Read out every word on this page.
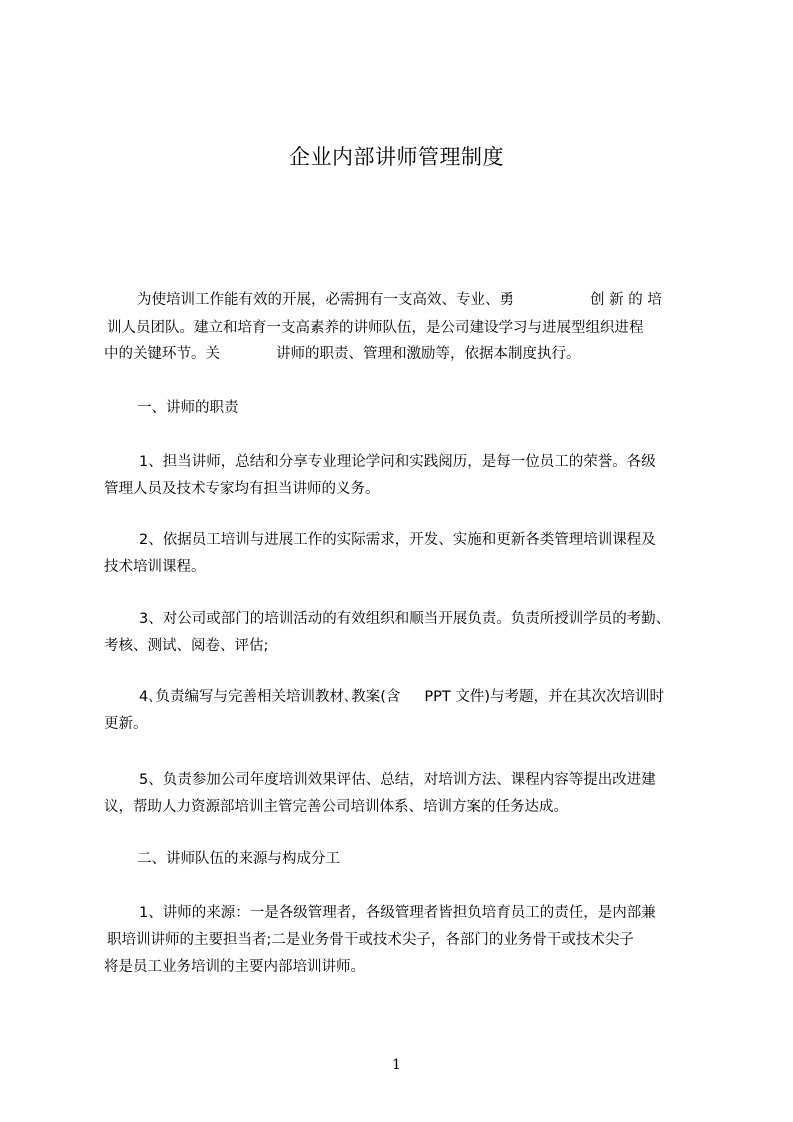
企业内部讲师管理制度
为使培训工作能有效的开展，必需拥有一支高效、专业、勇	创 新 的 培
训人员团队。建立和培育一支高素养的讲师队伍，是公司建设学习与进展型组织进程
中的关键环节。关	讲师的职责、管理和激励等，依据本制度执行。
一、讲师的职责
1、担当讲师，总结和分享专业理论学问和实践阅历，是每一位员工的荣誉。各级
管理人员及技术专家均有担当讲师的义务。
2、依据员工培训与进展工作的实际需求，开发、实施和更新各类管理培训课程及
技术培训课程。
3、对公司或部门的培训活动的有效组织和顺当开展负责。负责所授训学员的考勤、
考核、测试、阅卷、评估;
4､负责编写与完善相关培训教材､教案(含 PPT 文件)与考题，并在其次次培训时
更新。
5、负责参加公司年度培训效果评估、总结，对培训方法、课程内容等提出改进建
议，帮助人力资源部培训主管完善公司培训体系、培训方案的任务达成。
二、讲师队伍的来源与构成分工
1、讲师的来源：一是各级管理者，各级管理者皆担负培育员工的责任，是内部兼
职培训讲师的主要担当者;二是业务骨干或技术尖子，各部门的业务骨干或技术尖子
将是员工业务培训的主要内部培训讲师。
1
